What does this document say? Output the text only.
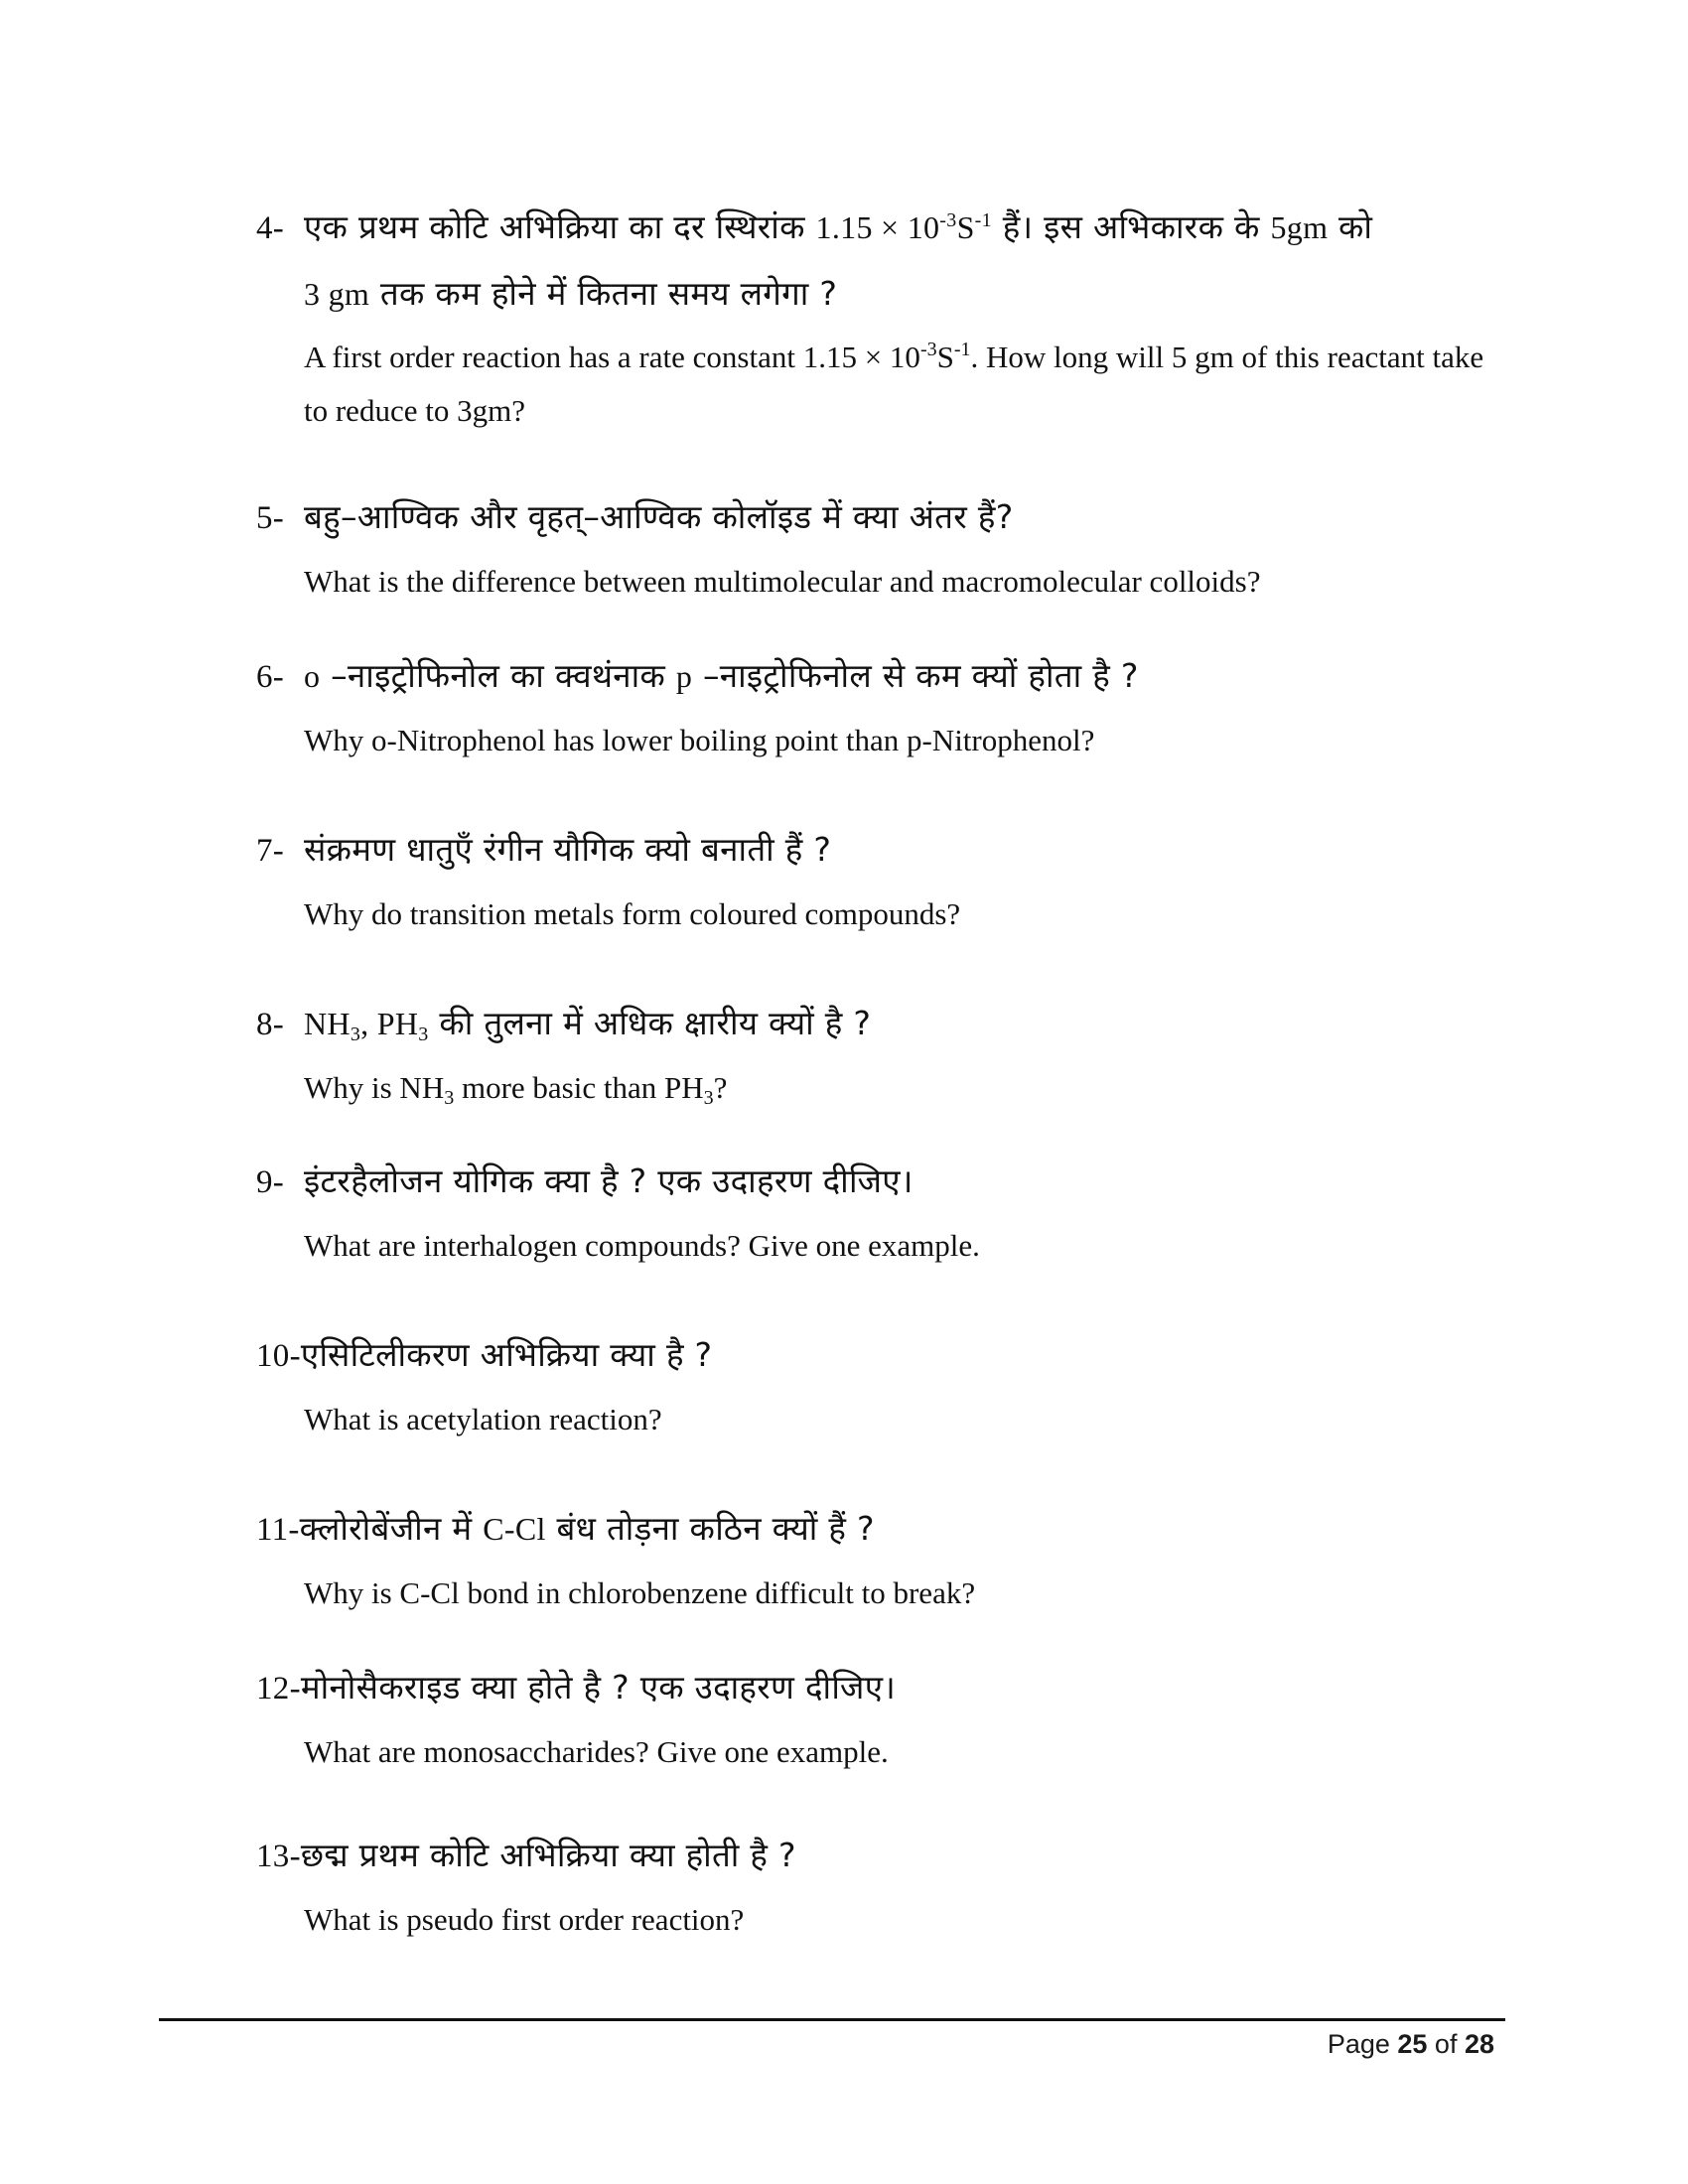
4- एक प्रथम कोटि अभिक्रिया का दर स्थिरांक $1.15 \times 10^{-3}S^{-1}$ हैं। इस अभिकारक के 5gm को
3 gm तक कम होने में कितना समय लगेगा ?
A first order reaction has a rate constant $1.15 \times 10^{-3}S^{-1}$. How long will 5 gm of this reactant take
to reduce to 3gm?
5- बहु–आण्विक और वृहत्–आण्विक कोलॉइड में क्या अंतर हैं?
What is the difference between multimolecular and macromolecular colloids?
6- o –नाइट्रोफिनोल का क्वथंनाक p –नाइट्रोफिनोल से कम क्यों होता है ?
Why o-Nitrophenol has lower boiling point than p-Nitrophenol?
7- संक्रमण धातुएँ रंगीन यौगिक क्यो बनाती हैं ?
Why do transition metals form coloured compounds?
8- $NH_3$, $PH_3$ की तुलना में अधिक क्षारीय क्यों है ?
Why is $NH_3$ more basic than $PH_3$?
9- इंटरहैलोजन योगिक क्या है ? एक उदाहरण दीजिए।
What are interhalogen compounds? Give one example.
10-एसिटिलीकरण अभिक्रिया क्या है ?
What is acetylation reaction?
11-क्लोरोबेंजीन में C-Cl बंध तोड़ना कठिन क्यों हैं ?
Why is C-Cl bond in chlorobenzene difficult to break?
12-मोनोसैकराइड क्या होते है ? एक उदाहरण दीजिए।
What are monosaccharides? Give one example.
13-छद्म प्रथम कोटि अभिक्रिया क्या होती है ?
What is pseudo first order reaction?
Page 25 of 28
